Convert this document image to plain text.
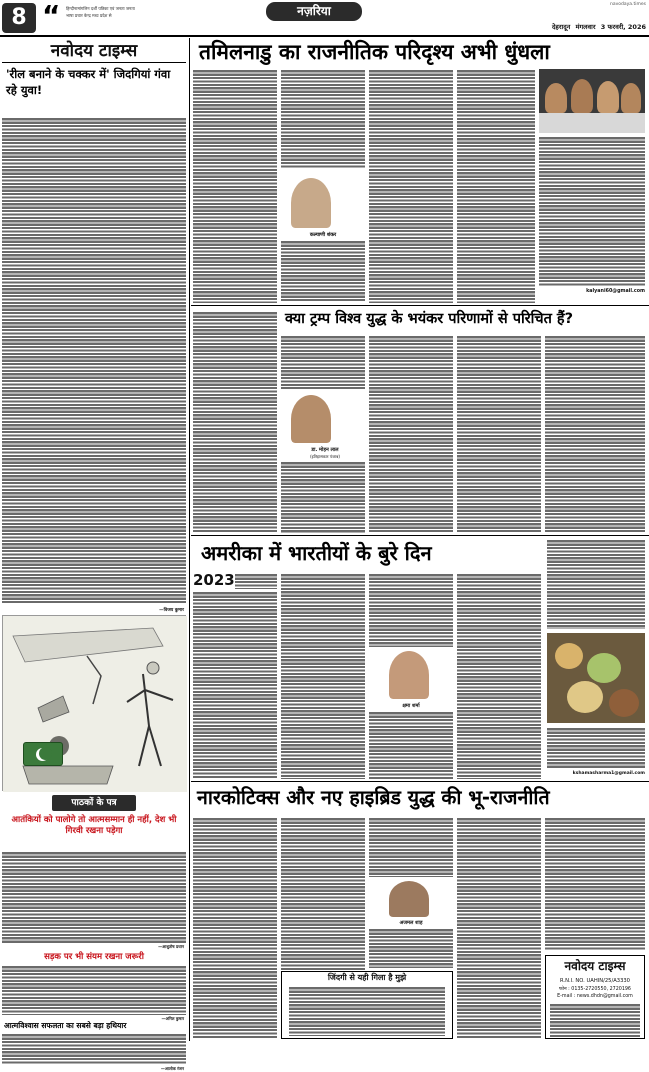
8 “ हिन्दीनामांगलिन दर्शी पत्रिका एवं जनता जनता
भाषा प्रचार केन्द्र मध्य प्रदेश से	नज़रिया	navodaya.times
देहरादून मंगलवार 3 फरवरी, 2026
नवोदय टाइम्स
'रील बनाने के चक्कर में' जिदगियां गंवा रहे युवा!
—विजय कुमार
पाठकों के पत्र
आतंकियों को पालोगे तो आत्मसम्मान ही नहीं, देश भी गिरवी रखना पड़ेगा
—आशुतोष प्रधान
सड़क पर भी संयम रखना जरूरी
—अनिल कुमार
आत्मविश्वास सफलता का सबसे बड़ा हथियार
—आलोक रंजन
तमिलनाडु का राजनीतिक परिदृश्य अभी धुंधला
कल्याणी शंकर
kalyani60@gmail.com
क्या ट्रम्प विश्व युद्ध के भयंकर परिणामों से परिचित हैं?
डा. मोहन लाल
(इतिहासकार पंजाब)
अमरीका में भारतीयों के बुरे दिन
2023
क्षमा शर्मा
kshamasharma1@gmail.com
नारकोटिक्स और नए हाइब्रिड युद्ध की भू-राजनीति
अजमल शाह
जिंदगी से यही गिला है मुझे
नवोदय टाइम्स
R.N.I. NO. UAHIN/25/A3330
फोन : 0135-2720550, 2720196
E-mail : news.dhdn@gmail.com
